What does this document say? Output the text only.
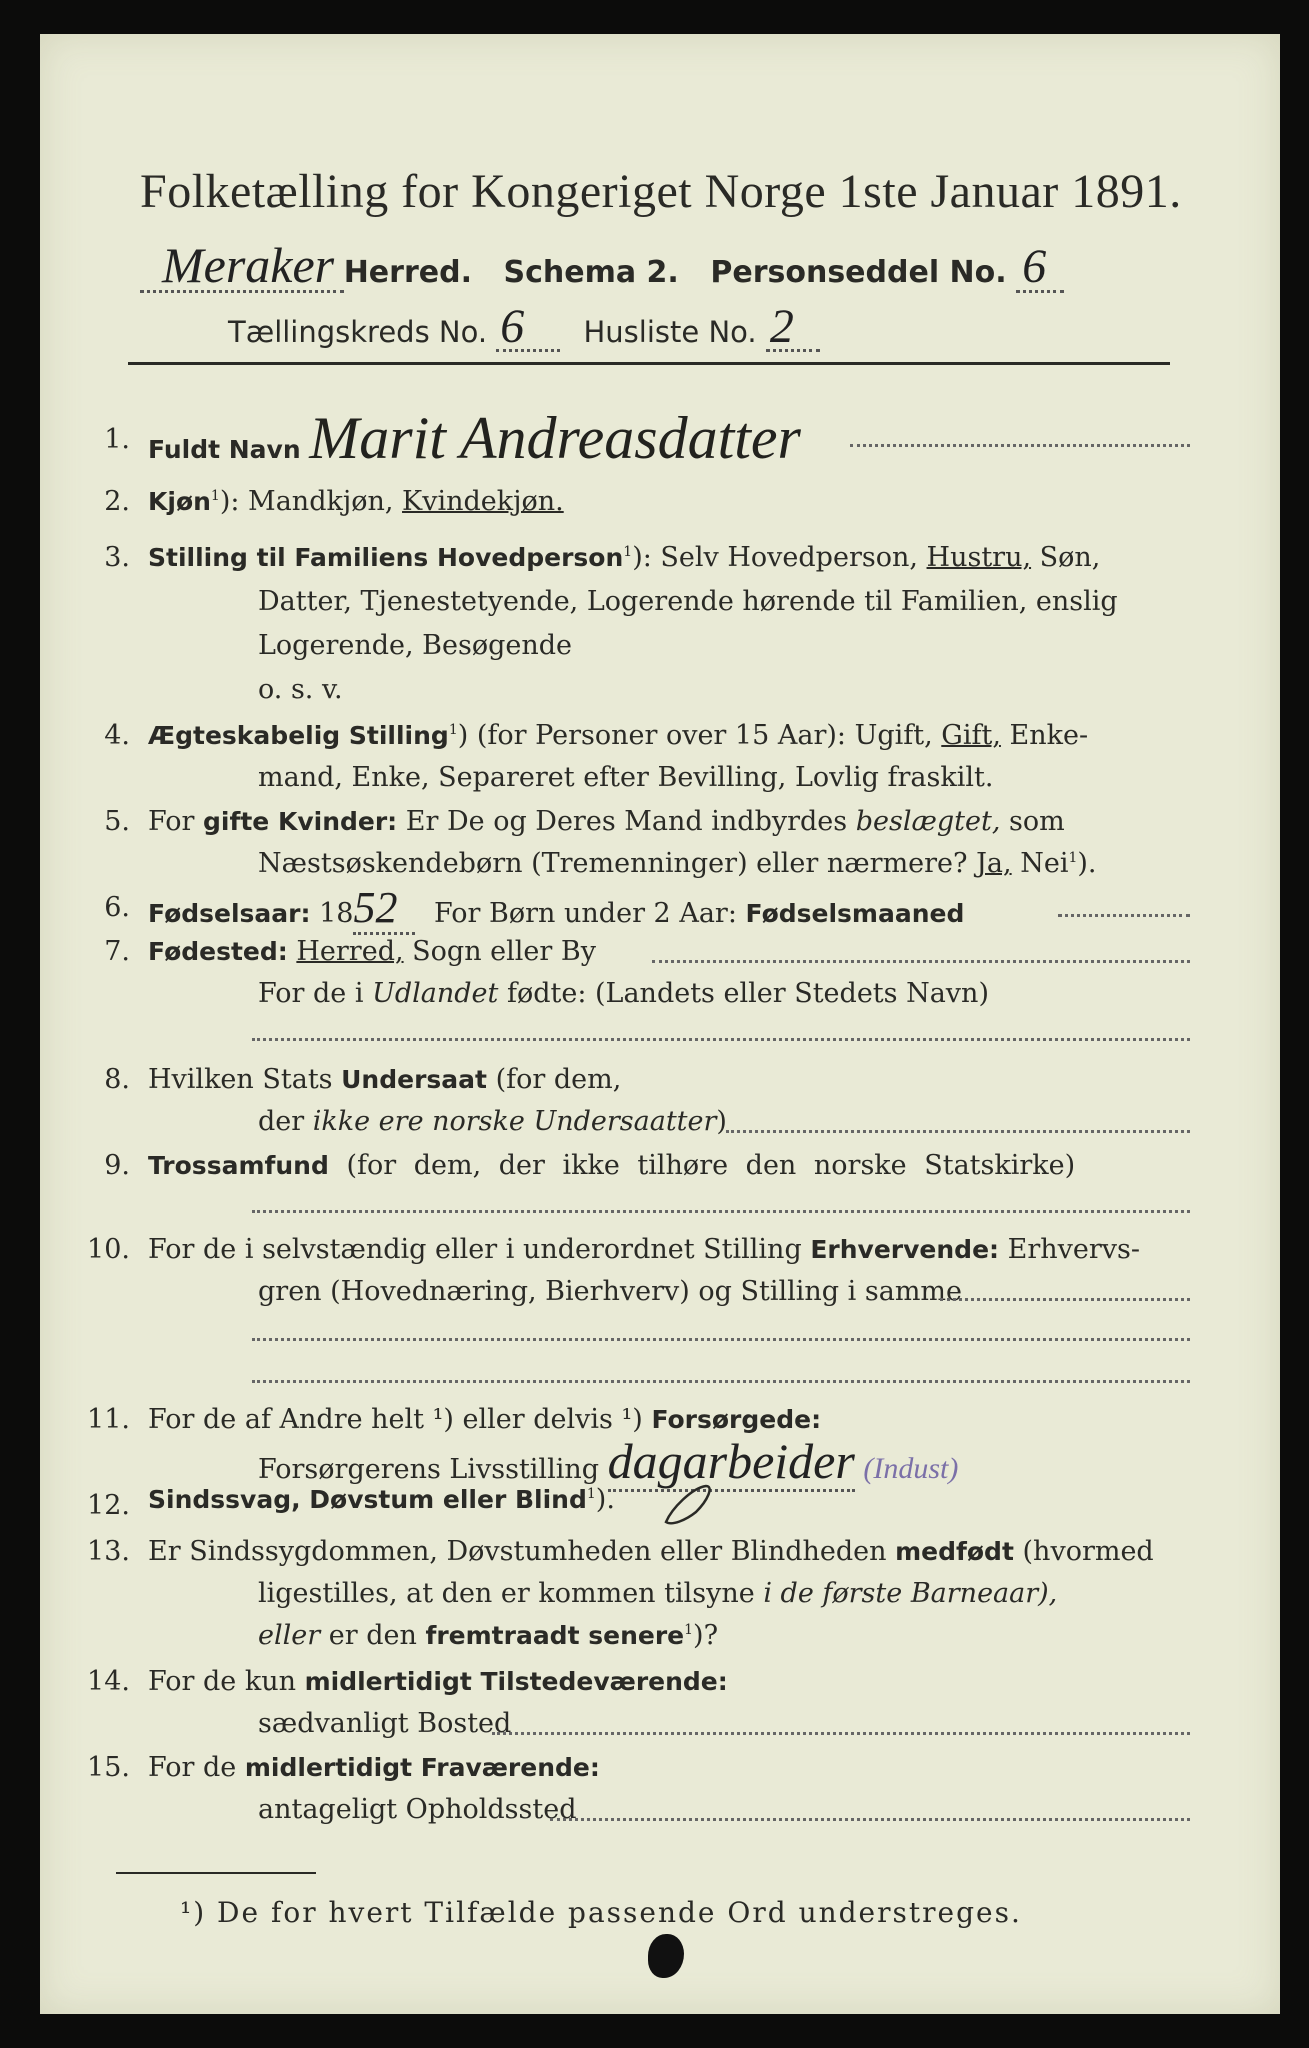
Folketælling for Kongeriget Norge 1ste Januar 1891.
Meraker Herred. Schema 2. Personseddel No. 6
Tællingskreds No. 6 Husliste No. 2
1. Fuldt Navn Marit Andreasdatter
2. Kjøn$^1$): Mandkjøn, Kvindekjøn.
3. Stilling til Familiens Hovedperson$^1$): Selv Hovedperson, Hustru, Søn,
Datter, Tjenestetyende, Logerende hørende til Familien, enslig
Logerende, Besøgende
o. s. v.
4. Ægteskabelig Stilling$^1$) (for Personer over 15 Aar): Ugift, Gift, Enke-
mand, Enke, Separeret efter Bevilling, Lovlig fraskilt.
5. For gifte Kvinder: Er De og Deres Mand indbyrdes beslægtet, som
Næstsøskendebørn (Tremenninger) eller nærmere? Ja, Nei$^1$).
6. Fødselsaar: 1852 For Børn under 2 Aar: Fødselsmaaned
7. Fødested: Herred, Sogn eller By
For de i Udlandet fødte: (Landets eller Stedets Navn)
8. Hvilken Stats Undersaat (for dem,
der ikke ere norske Undersaatter)
9. Trossamfund (for dem, der ikke tilhøre den norske Statskirke)
10. For de i selvstændig eller i underordnet Stilling Erhvervende: Erhvervs-
gren (Hovednæring, Bierhverv) og Stilling i samme
11. For de af Andre helt ¹) eller delvis ¹) Forsørgede:
Forsørgerens Livsstilling dagarbeider (Indust)
12. Sindssvag, Døvstum eller Blind$^1$).
13. Er Sindssygdommen, Døvstumheden eller Blindheden medfødt (hvormed
ligestilles, at den er kommen tilsyne i de første Barneaar),
eller er den fremtraadt senere$^1$)?
14. For de kun midlertidigt Tilstedeværende:
sædvanligt Bosted
15. For de midlertidigt Fraværende:
antageligt Opholdssted
¹) De for hvert Tilfælde passende Ord understreges.
